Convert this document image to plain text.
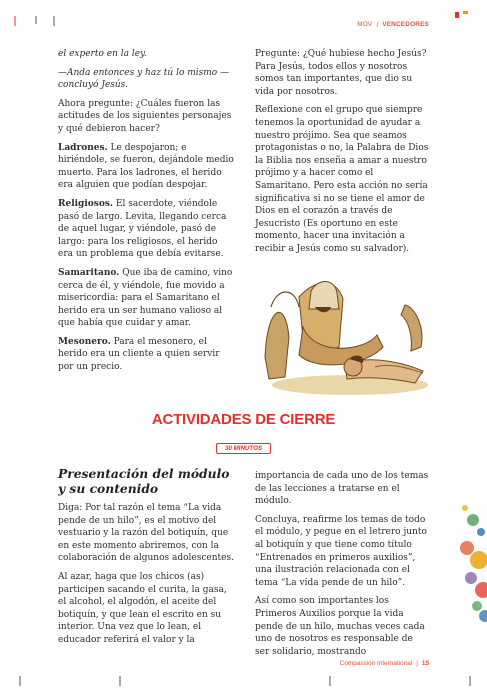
MOV | VENCEDORES

el experto en la ley.

—Anda entonces y haz tú lo mismo —concluyó Jesús.

Ahora pregunte: ¿Cuáles fueron las actitudes de los siguientes personajes y qué debieron hacer?

Ladrones. Le despojaron; e hiriéndole, se fueron, dejándole medio muerto. Para los ladrones, el herido era alguien que podían despojar.

Religiosos. El sacerdote, viéndole pasó de largo. Levita, llegando cerca de aquel lugar, y viéndole, pasó de largo: para los religiosos, el herido era un problema que debía evitarse.

Samaritano. Que iba de camino, vino cerca de él, y viéndole, fue movido a misericordia: para el Samaritano el herido era un ser humano valioso al que había que cuidar y amar.

Mesonero. Para el mesonero, el herido era un cliente a quien servir por un precio.

Pregunte: ¿Qué hubiese hecho Jesús? Para Jesús, todos ellos y nosotros somos tan importantes, que dio su vida por nosotros.

Reflexione con el grupo que siempre tenemos la oportunidad de ayudar a nuestro prójimo. Sea que seamos protagonistas o no, la Palabra de Dios la Biblia nos enseña a amar a nuestro prójimo y a hacer como el Samaritano. Pero esta acción no sería significativa si no se tiene el amor de Dios en el corazón a través de Jesucristo (Es oportuno en este momento, hacer una invitación a recibir a Jesús como su salvador).

ACTIVIDADES DE CIERRE
30 MINUTOS

Presentación del módulo y su contenido

Diga: Por tal razón el tema “La vida pende de un hilo”, es el motivo del vestuario y la razón del botiquín, que en este momento abriremos, con la colaboración de algunos adolescentes.

Al azar, haga que los chicos (as) participen sacando el curita, la gasa, el alcohol, el algodón, el aceite del botiquín, y que lean el escrito en su interior. Una vez que lo lean, el educador referirá el valor y la

importancia de cada uno de los temas de las lecciones a tratarse en el módulo.

Concluya, reafirme los temas de todo el módulo, y pegue en el letrero junto al botiquín y que tiene como título “Entrenados en primeros auxilios”, una ilustración relacionada con el tema “La vida pende de un hilo”.

Así como son importantes los Primeros Auxilios porque la vida pende de un hilo, muchas veces cada uno de nosotros es responsable de ser solidario, mostrando

Compassion International | 15
